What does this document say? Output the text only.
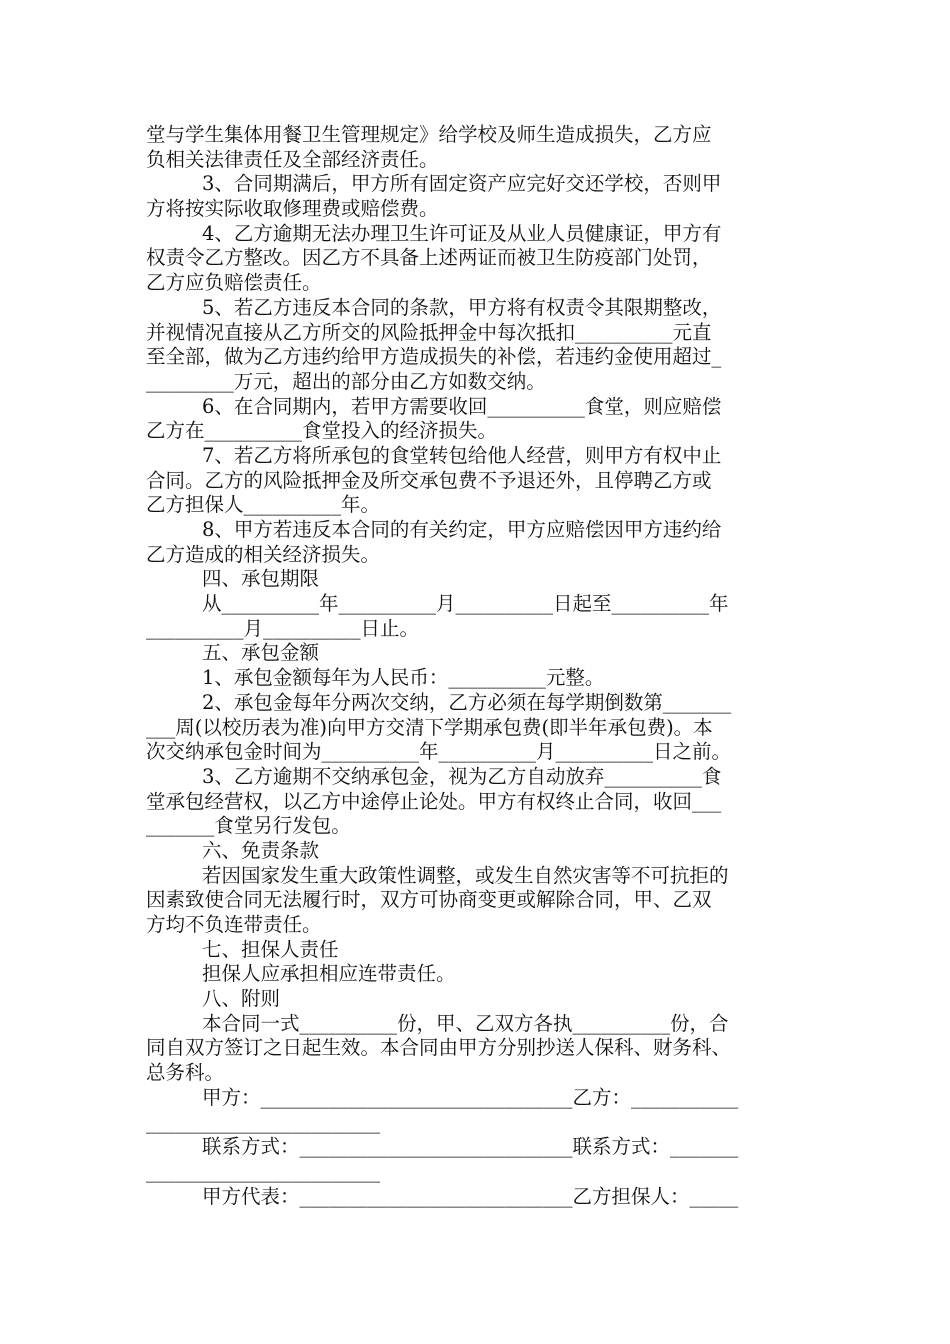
堂与学生集体用餐卫生管理规定》给学校及师生造成损失，乙方应
负相关法律责任及全部经济责任。
3、合同期满后，甲方所有固定资产应完好交还学校，否则甲
方将按实际收取修理费或赔偿费。
4、乙方逾期无法办理卫生许可证及从业人员健康证，甲方有
权责令乙方整改。因乙方不具备上述两证而被卫生防疫部门处罚，
乙方应负赔偿责任。
5、若乙方违反本合同的条款，甲方将有权责令其限期整改，
并视情况直接从乙方所交的风险抵押金中每次抵扣__________元直
至全部，做为乙方违约给甲方造成损失的补偿，若违约金使用超过_
_________万元，超出的部分由乙方如数交纳。
6、在合同期内，若甲方需要收回__________食堂，则应赔偿
乙方在__________食堂投入的经济损失。
7、若乙方将所承包的食堂转包给他人经营，则甲方有权中止
合同。乙方的风险抵押金及所交承包费不予退还外，且停聘乙方或
乙方担保人__________年。
8、甲方若违反本合同的有关约定，甲方应赔偿因甲方违约给
乙方造成的相关经济损失。
四、承包期限
从__________年__________月__________日起至__________年
__________月__________日止。
五、承包金额
1、承包金额每年为人民币：__________元整。
2、承包金每年分两次交纳，乙方必须在每学期倒数第_______
___周(以校历表为准)向甲方交清下学期承包费(即半年承包费)。本
次交纳承包金时间为__________年__________月__________日之前。
3、乙方逾期不交纳承包金，视为乙方自动放弃__________食
堂承包经营权，以乙方中途停止论处。甲方有权终止合同，收回___
_______食堂另行发包。
六、免责条款
若因国家发生重大政策性调整，或发生自然灾害等不可抗拒的
因素致使合同无法履行时，双方可协商变更或解除合同，甲、乙双
方均不负连带责任。
七、担保人责任
担保人应承担相应连带责任。
八、附则
本合同一式__________份，甲、乙双方各执__________份，合
同自双方签订之日起生效。本合同由甲方分别抄送人保科、财务科、
总务科。
甲方：________________________________乙方：___________
________________________
联系方式：____________________________联系方式：_______
________________________
甲方代表：____________________________乙方担保人：_____
